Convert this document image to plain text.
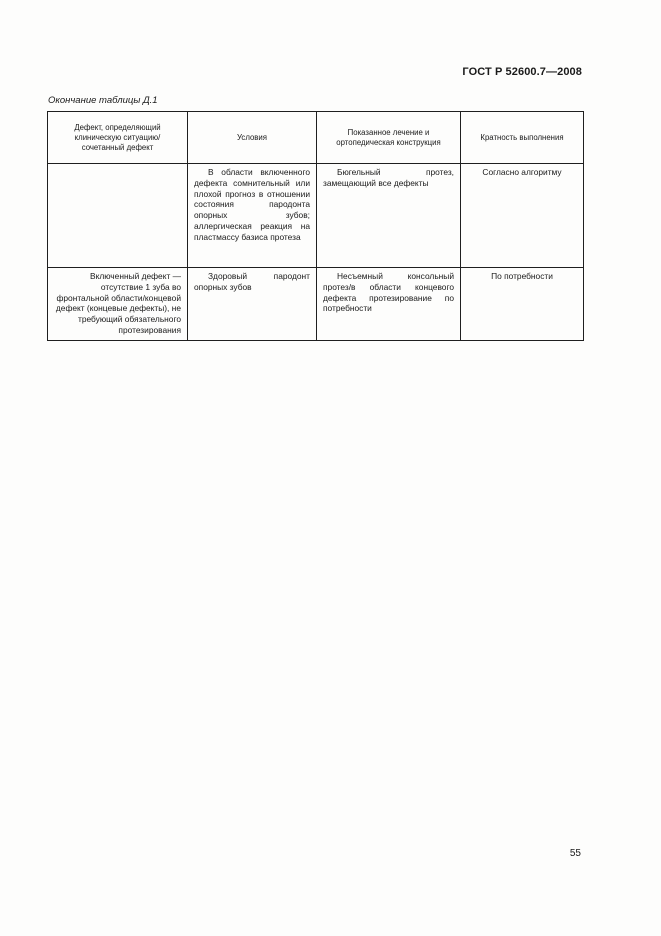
ГОСТ Р 52600.7—2008
Окончание таблицы Д.1
Дефект, определяющий клиническую ситуацию/сочетанный дефект	Условия	Показанное лечение и ортопедическая конструкция	Кратность выполнения
	В области включенного дефекта сомнительный или плохой прогноз в отношении состояния пародонта опорных зубов; аллергическая реакция на пластмассу базиса протеза	Бюгельный протез, замещающий все дефекты	Согласно алгоритму
Включенный дефект — отсутствие 1 зуба во фронтальной области/концевой дефект (концевые дефекты), не требующий обязательного протезирования	Здоровый пародонт опорных зубов	Несъемный консольный протез/в области концевого дефекта протезирование по потребности	По потребности
55
